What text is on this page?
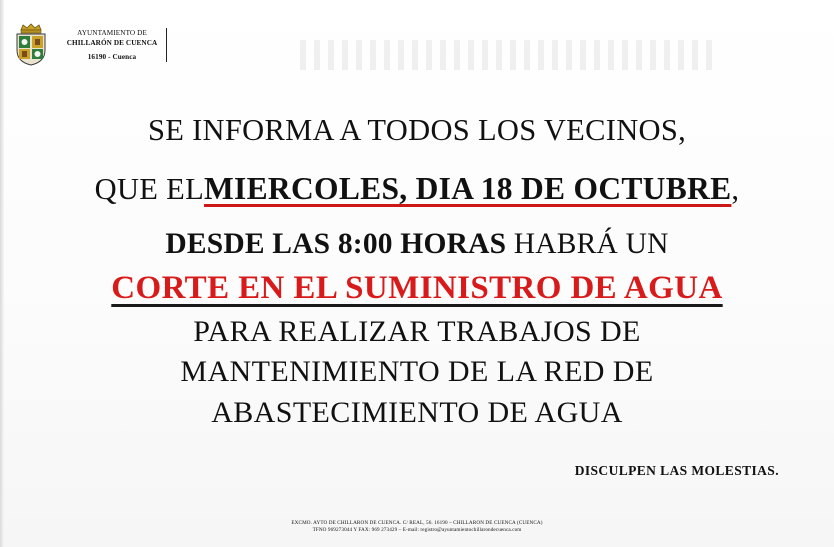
AYUNTAMIENTO DE
CHILLARÓN DE CUENCA
16190 - Cuenca
SE INFORMA A TODOS LOS VECINOS,
QUE ELMIERCOLES, DIA 18 DE OCTUBRE,
DESDE LAS 8:00 HORAS HABRÁ UN
CORTE EN EL SUMINISTRO DE AGUA
PARA REALIZAR TRABAJOS DE
MANTENIMIENTO DE LA RED DE
ABASTECIMIENTO DE AGUA
DISCULPEN LAS MOLESTIAS.
EXCMO. AYTO DE CHILLARON DE CUENCA. C/ REAL, 56. 16190 – CHILLARON DE CUENCA (CUENCA)
TFNO 969273044 Y FAX: 969 273429 – E-mail: registro@ayuntamientochillarondecuenca.com
